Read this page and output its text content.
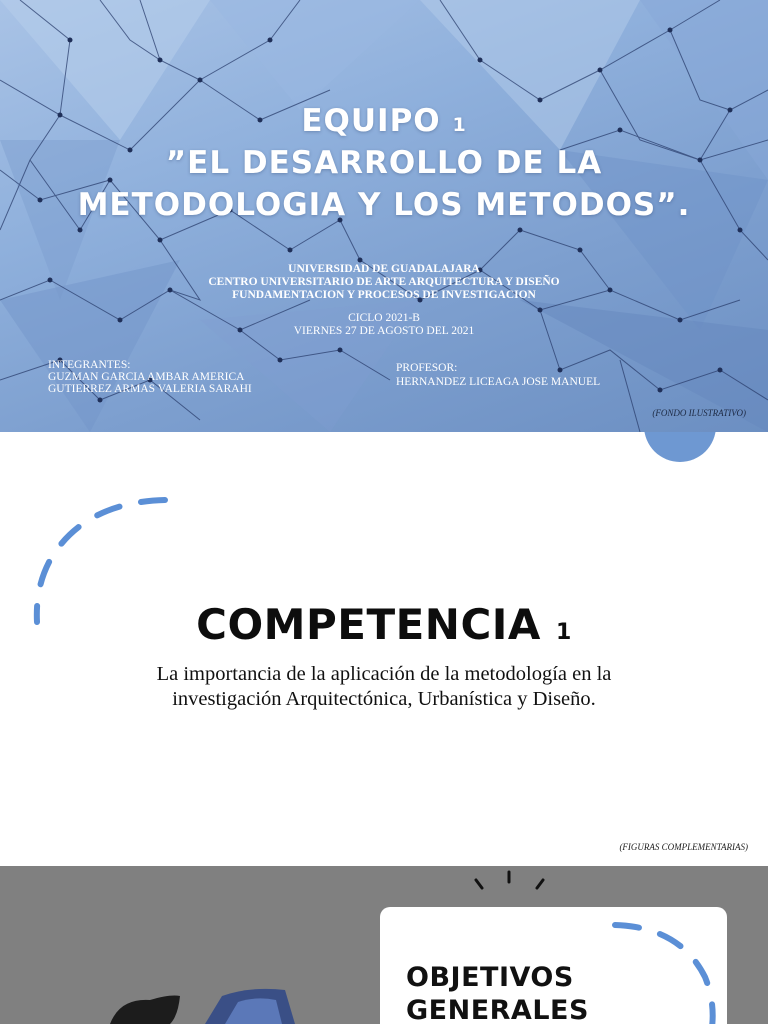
EQUIPO 1
”EL DESARROLLO DE LA
METODOLOGIA Y LOS METODOS”.
UNIVERSIDAD DE GUADALAJARA
CENTRO UNIVERSITARIO DE ARTE ARQUITECTURA Y DISEÑO
FUNDAMENTACION Y PROCESOS DE INVESTIGACION
CICLO 2021-B
VIERNES 27 DE AGOSTO DEL 2021
INTEGRANTES:
GUZMAN GARCIA AMBAR AMERICA
GUTIERREZ ARMAS VALERIA SARAHI
PROFESOR:
HERNANDEZ LICEAGA JOSE MANUEL
(FONDO ILUSTRATIVO)
COMPETENCIA 1
La importancia de la aplicación de la metodología en la
investigación Arquitectónica, Urbanística y Diseño.
(FIGURAS COMPLEMENTARIAS)
OBJETIVOS
GENERALES
